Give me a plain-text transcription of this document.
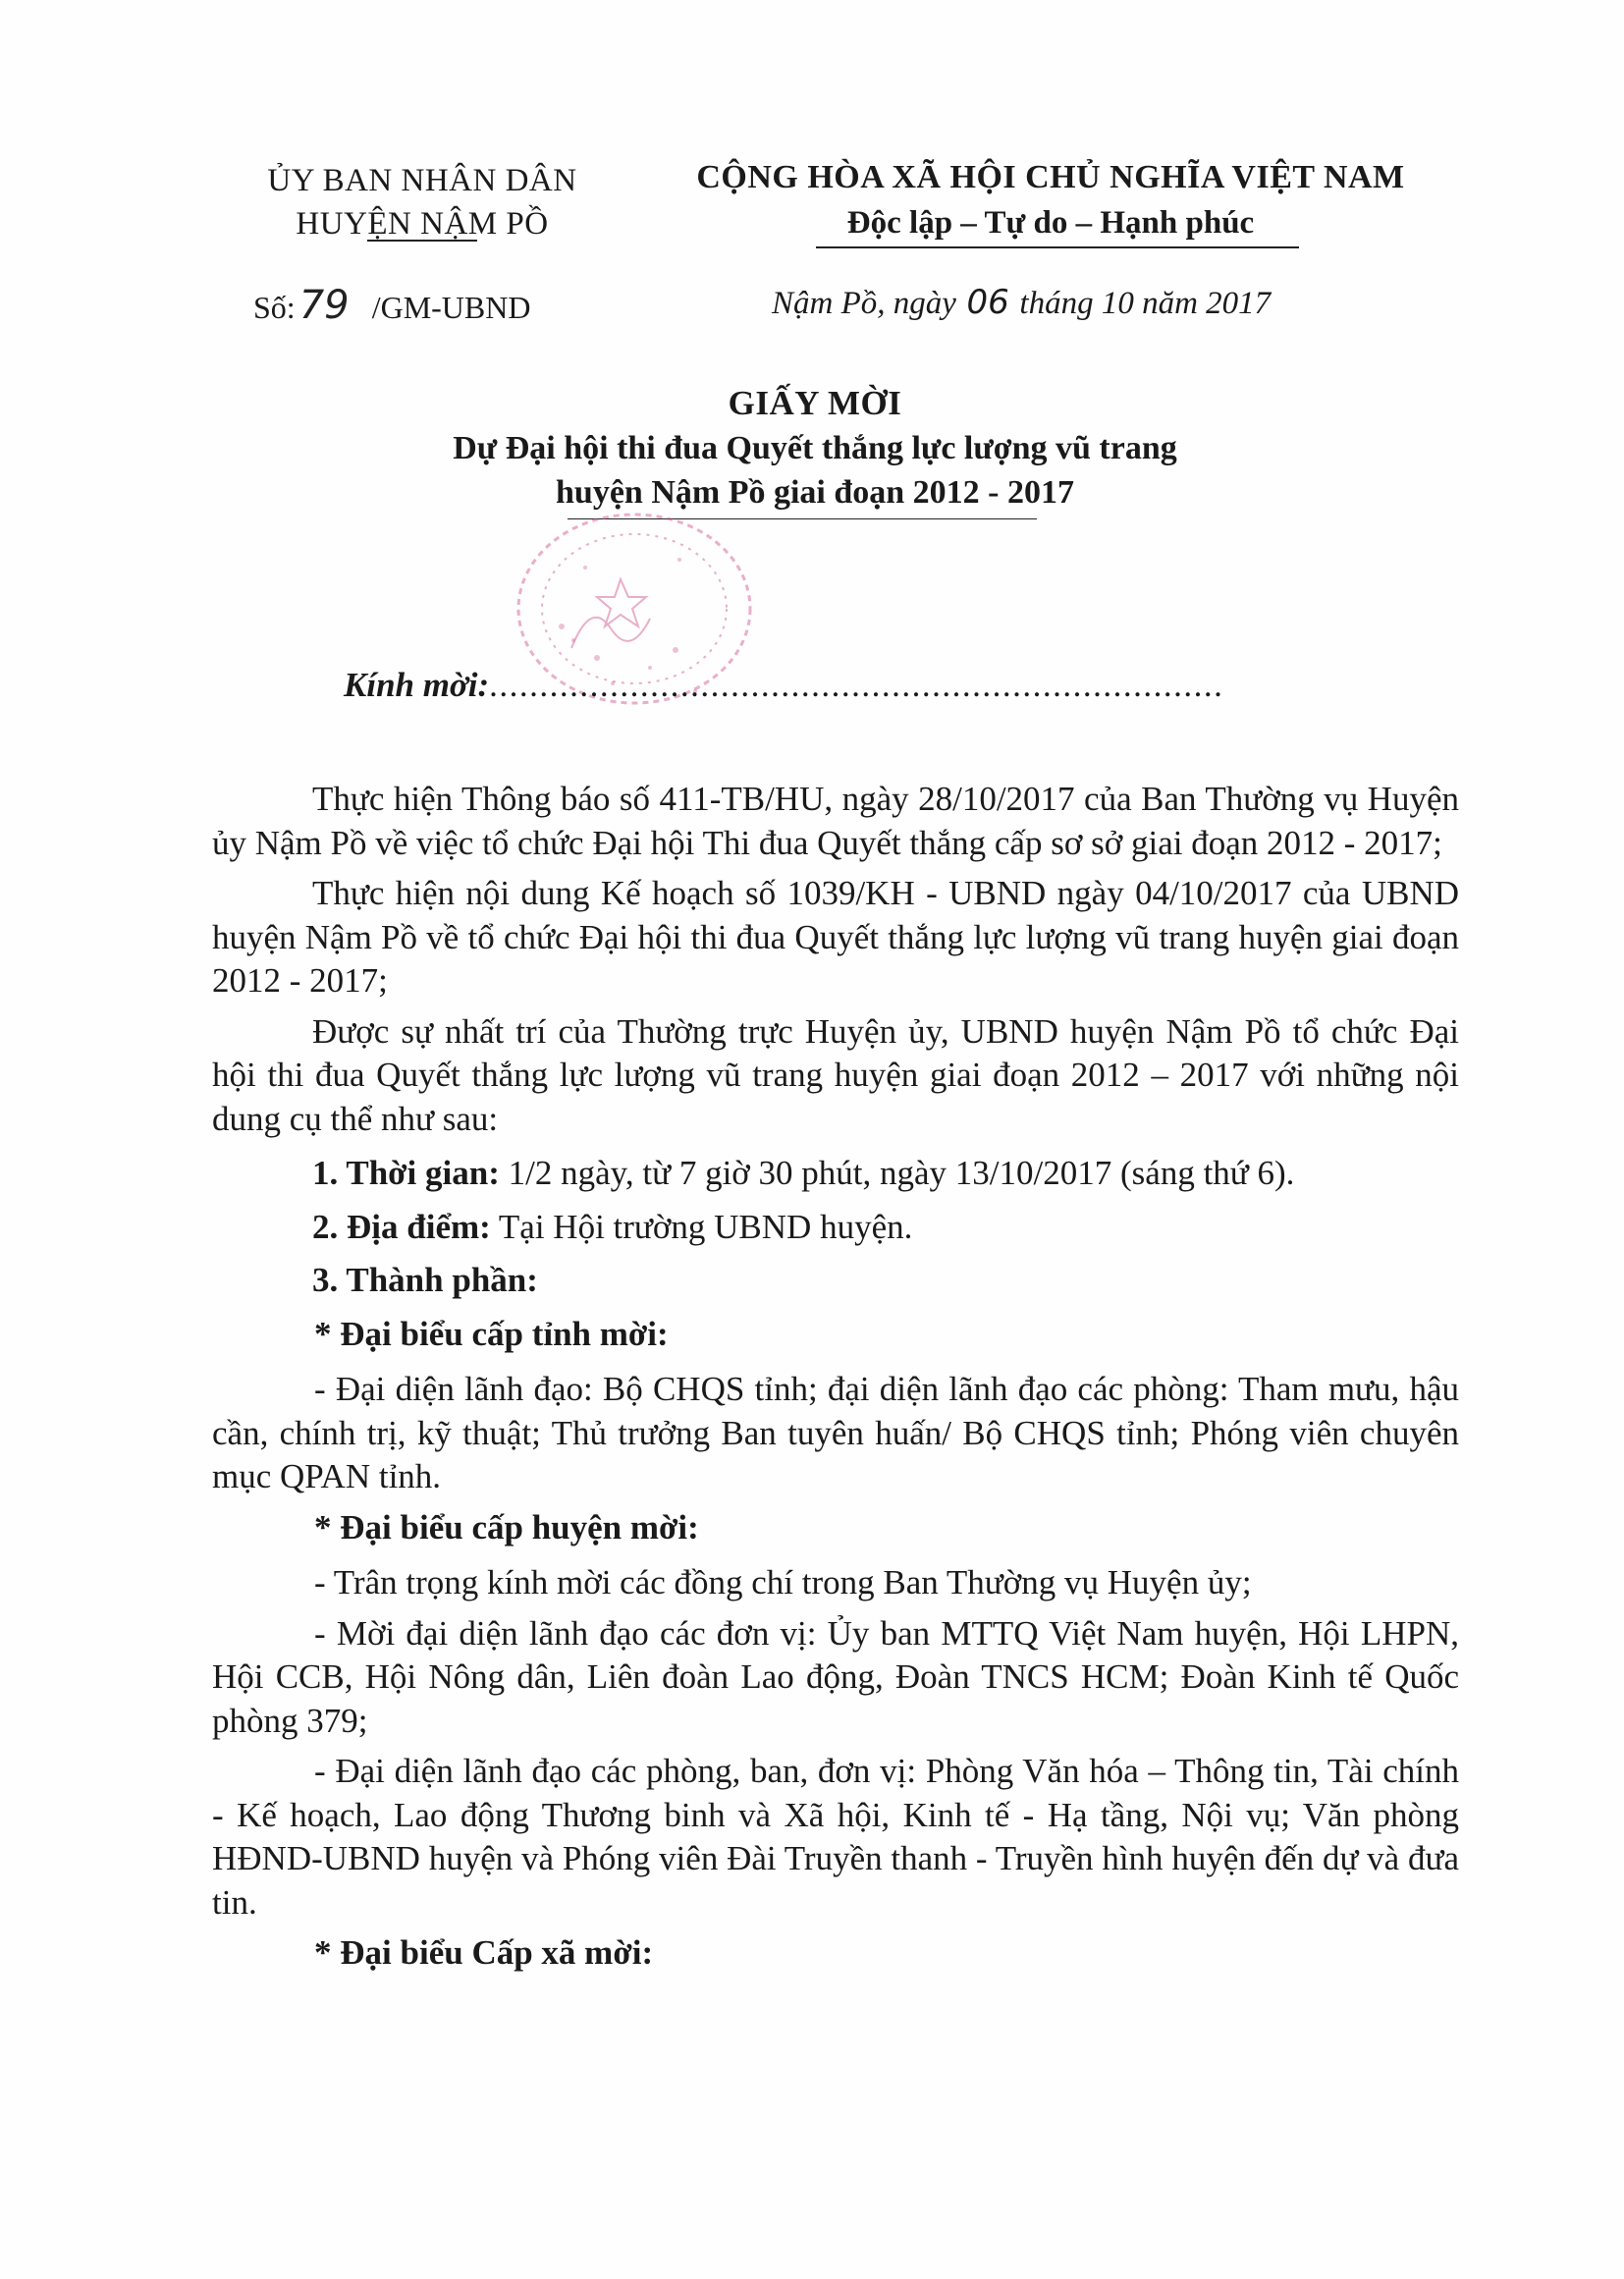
ỦY BAN NHÂN DÂN
HUYỆN NẬM PỒ
CỘNG HÒA XÃ HỘI CHỦ NGHĨA VIỆT NAM
Độc lập – Tự do – Hạnh phúc
Số: 79 /GM-UBND	Nậm Pồ, ngày 06 tháng 10 năm 2017
GIẤY MỜI
Dự Đại hội thi đua Quyết thắng lực lượng vũ trang
huyện Nậm Pồ giai đoạn 2012 - 2017
Kính mời:.........................................................................

Thực hiện Thông báo số 411-TB/HU, ngày 28/10/2017 của Ban Thường vụ Huyện ủy Nậm Pồ về việc tổ chức Đại hội Thi đua Quyết thắng cấp sơ sở giai đoạn 2012 - 2017;

Thực hiện nội dung Kế hoạch số 1039/KH - UBND ngày 04/10/2017 của UBND huyện Nậm Pồ về tổ chức Đại hội thi đua Quyết thắng lực lượng vũ trang huyện giai đoạn 2012 - 2017;

Được sự nhất trí của Thường trực Huyện ủy, UBND huyện Nậm Pồ tổ chức Đại hội thi đua Quyết thắng lực lượng vũ trang huyện giai đoạn 2012 – 2017 với những nội dung cụ thể như sau:

1. Thời gian: 1/2 ngày, từ 7 giờ 30 phút, ngày 13/10/2017 (sáng thứ 6).
2. Địa điểm: Tại Hội trường UBND huyện.
3. Thành phần:
* Đại biểu cấp tỉnh mời:

- Đại diện lãnh đạo: Bộ CHQS tỉnh; đại diện lãnh đạo các phòng: Tham mưu, hậu cần, chính trị, kỹ thuật; Thủ trưởng Ban tuyên huấn/ Bộ CHQS tỉnh; Phóng viên chuyên mục QPAN tỉnh.

* Đại biểu cấp huyện mời:

- Trân trọng kính mời các đồng chí trong Ban Thường vụ Huyện ủy;

- Mời đại diện lãnh đạo các đơn vị: Ủy ban MTTQ Việt Nam huyện, Hội LHPN, Hội CCB, Hội Nông dân, Liên đoàn Lao động, Đoàn TNCS HCM; Đoàn Kinh tế Quốc phòng 379;

- Đại diện lãnh đạo các phòng, ban, đơn vị: Phòng Văn hóa – Thông tin, Tài chính - Kế hoạch, Lao động Thương binh và Xã hội, Kinh tế - Hạ tầng, Nội vụ; Văn phòng HĐND-UBND huyện và Phóng viên Đài Truyền thanh - Truyền hình huyện đến dự và đưa tin.

* Đại biểu Cấp xã mời:
